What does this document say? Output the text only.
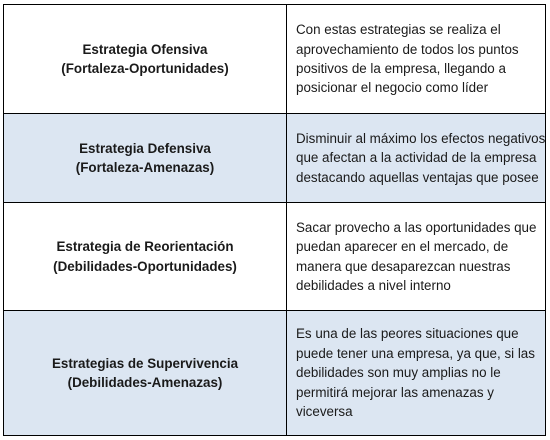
Estrategia Ofensiva
(Fortaleza-Oportunidades)	Con estas estrategias se realiza el
aprovechamiento de todos los puntos
positivos de la empresa, llegando a
posicionar el negocio como líder

Estrategia Defensiva
(Fortaleza-Amenazas)	Disminuir al máximo los efectos negativos
que afectan a la actividad de la empresa
destacando aquellas ventajas que posee

Estrategia de Reorientación
(Debilidades-Oportunidades)	Sacar provecho a las oportunidades que
puedan aparecer en el mercado, de
manera que desaparezcan nuestras
debilidades a nivel interno

Estrategias de Supervivencia
(Debilidades-Amenazas)	Es una de las peores situaciones que
puede tener una empresa, ya que, si las
debilidades son muy amplias no le
permitirá mejorar las amenazas y
viceversa
